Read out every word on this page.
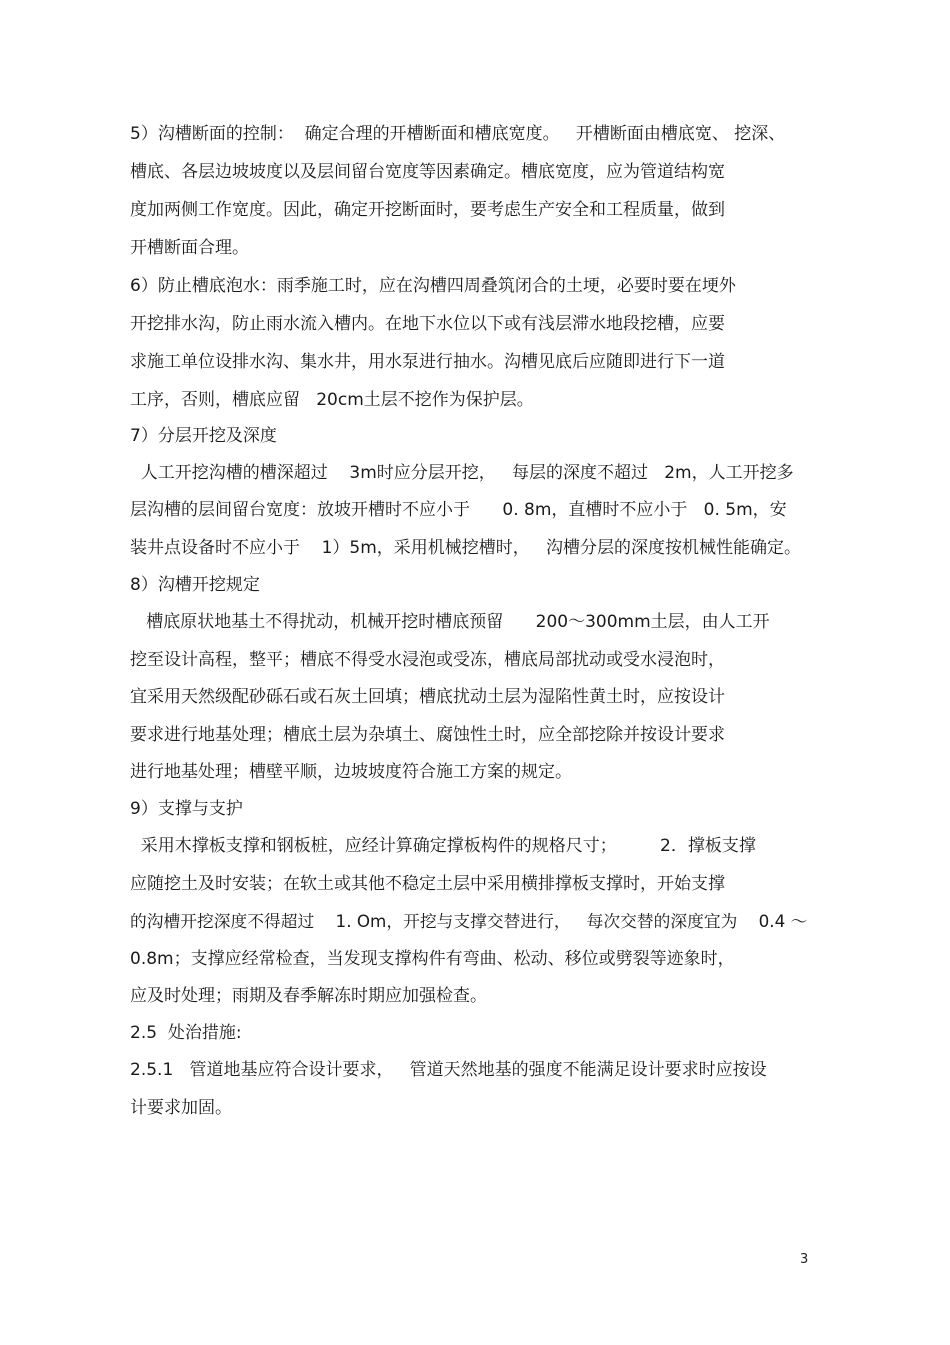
5）沟槽断面的控制：  确定合理的开槽断面和槽底宽度。   开槽断面由槽底宽、 挖深、
槽底、各层边坡坡度以及层间留台宽度等因素确定。槽底宽度，应为管道结构宽
度加两侧工作宽度。因此，确定开挖断面时，要考虑生产安全和工程质量，做到
开槽断面合理。
6）防止槽底泡水：雨季施工时，应在沟槽四周叠筑闭合的土埂，必要时要在埂外
开挖排水沟，防止雨水流入槽内。在地下水位以下或有浅层滞水地段挖槽，应要
求施工单位设排水沟、集水井，用水泵进行抽水。沟槽见底后应随即进行下一道
工序，否则，槽底应留   20cm土层不挖作为保护层。
7）分层开挖及深度
人工开挖沟槽的槽深超过    3m时应分层开挖，   每层的深度不超过   2m，人工开挖多
层沟槽的层间留台宽度：放坡开槽时不应小于      0. 8m，直槽时不应小于   0. 5m，安
装井点设备时不应小于    1）5m，采用机械挖槽时，   沟槽分层的深度按机械性能确定。
8）沟槽开挖规定
槽底原状地基土不得扰动，机械开挖时槽底预留      200～300mm土层，由人工开
挖至设计高程，整平；槽底不得受水浸泡或受冻，槽底局部扰动或受水浸泡时，
宜采用天然级配砂砾石或石灰土回填；槽底扰动土层为湿陷性黄土时，应按设计
要求进行地基处理；槽底土层为杂填土、腐蚀性土时，应全部挖除并按设计要求
进行地基处理；槽壁平顺，边坡坡度符合施工方案的规定。
9）支撑与支护
采用木撑板支撑和钢板桩，应经计算确定撑板构件的规格尺寸；        2．撑板支撑
应随挖土及时安装；在软土或其他不稳定土层中采用横排撑板支撑时，开始支撑
的沟槽开挖深度不得超过    1. Om，开挖与支撑交替进行，   每次交替的深度宜为    0.4 ～
0.8m；支撑应经常检查，当发现支撑构件有弯曲、松动、移位或劈裂等迹象时，
应及时处理；雨期及春季解冻时期应加强检查。
2.5  处治措施:
2.5.1   管道地基应符合设计要求，   管道天然地基的强度不能满足设计要求时应按设
计要求加固。
3
